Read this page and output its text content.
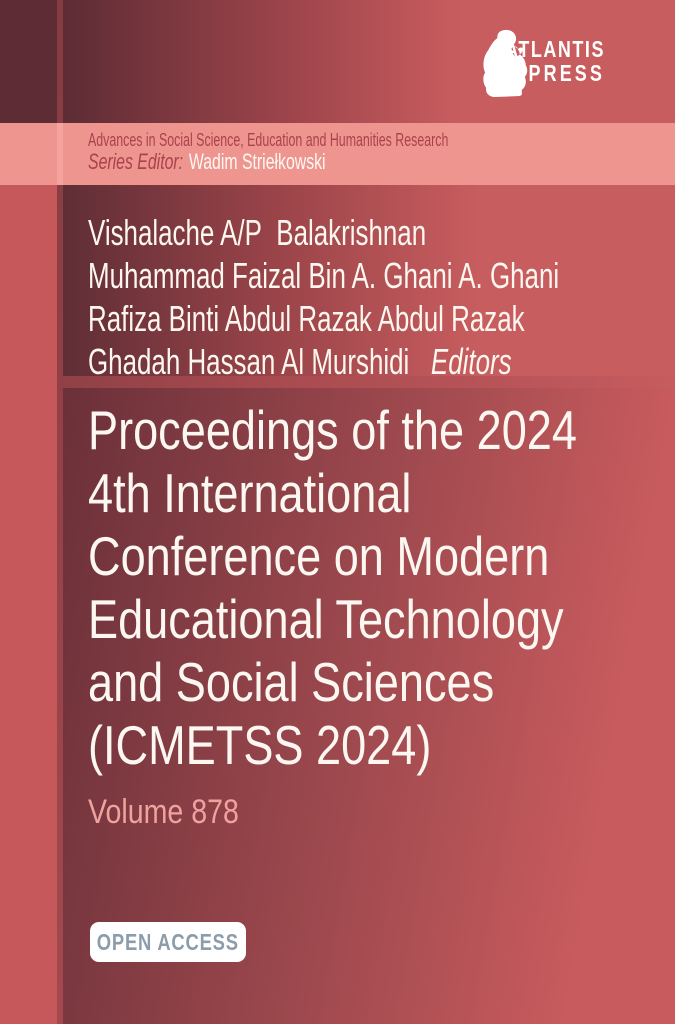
ATLANTIS
PRESS
Advances in Social Science, Education and Humanities Research
Series Editor: Wadim Striełkowski
Vishalache A/P  Balakrishnan
Muhammad Faizal Bin A. Ghani A. Ghani
Rafiza Binti Abdul Razak Abdul Razak
Ghadah Hassan Al Murshidi Editors
Proceedings of the 2024
4th International
Conference on Modern
Educational Technology
and Social Sciences
(ICMETSS 2024)
Volume 878
OPEN ACCESS
